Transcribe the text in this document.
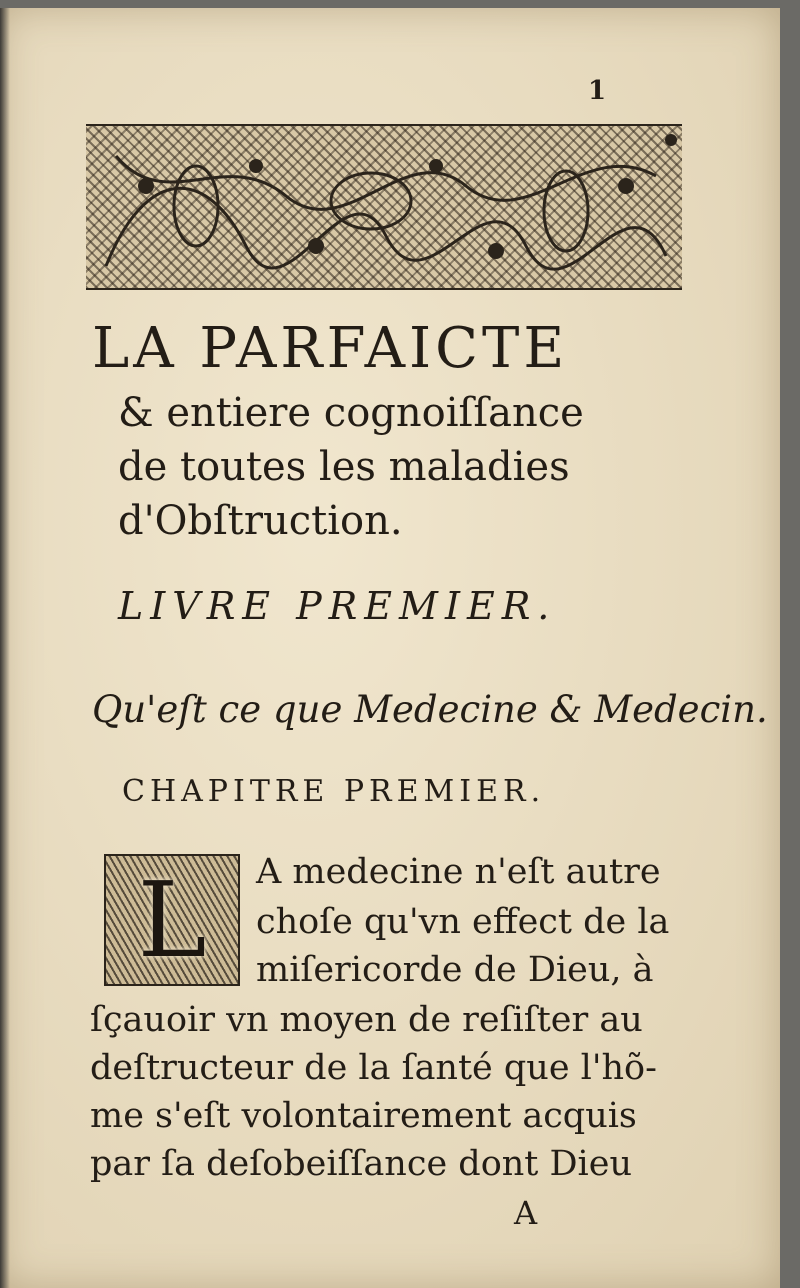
1
LA PARFAICTE
& entiere cognoiſſance
de toutes les maladies
d'Obſtruction.
LIVRE PREMIER.
Qu'eſt ce que Medecine & Medecin.
CHAPITRE PREMIER.
L	A medecine n'eſt autre
choſe qu'vn effect de la
miſericorde de Dieu, à
ſçauoir vn moyen de reſiſter au
deſtructeur de la ſanté que l'hõ-
me s'eſt volontairement acquis
par ſa deſobeiſſance dont Dieu
A
